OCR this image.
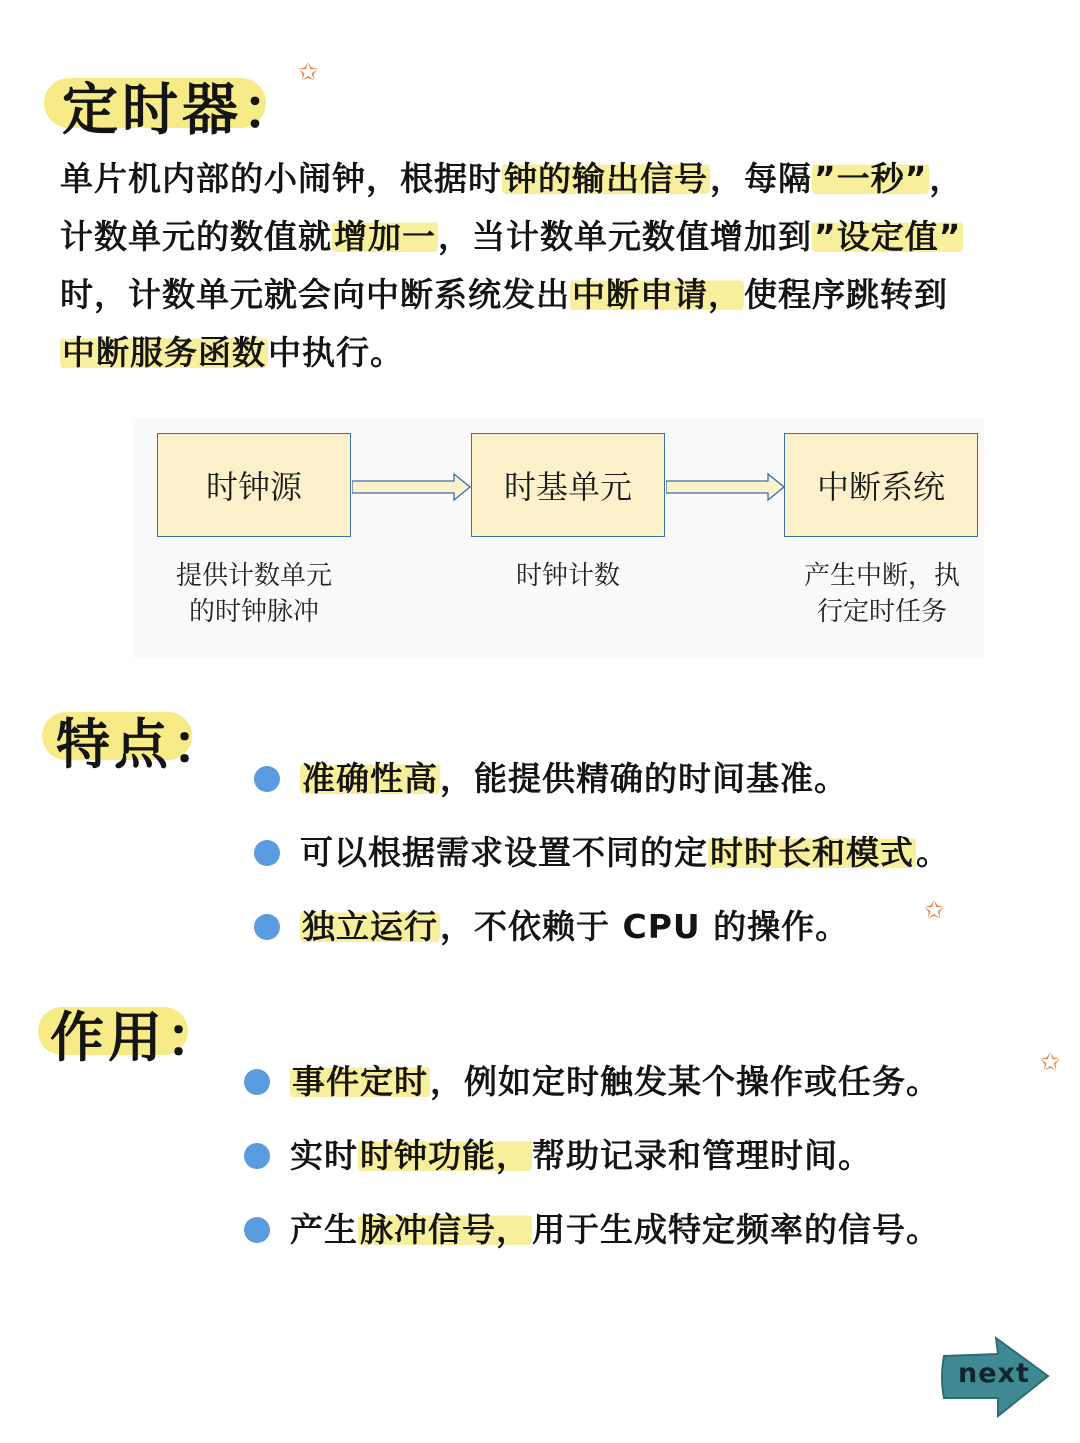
定时器：
✩
单片机内部的小闹钟，根据时钟的输出信号，每隔”一秒”，
计数单元的数值就增加一，当计数单元数值增加到”设定值”
时，计数单元就会向中断系统发出中断申请，使程序跳转到
中断服务函数中执行。
时钟源	时基单元	中断系统
提供计数单元
的时钟脉冲
时钟计数	产生中断，执
行定时任务
特点：
准确性高，能提供精确的时间基准。
可以根据需求设置不同的定时时长和模式。
独立运行，不依赖于 CPU 的操作。	✩
作用：
事件定时，例如定时触发某个操作或任务。
实时时钟功能，帮助记录和管理时间。
产生脉冲信号，用于生成特定频率的信号。
✩
next
